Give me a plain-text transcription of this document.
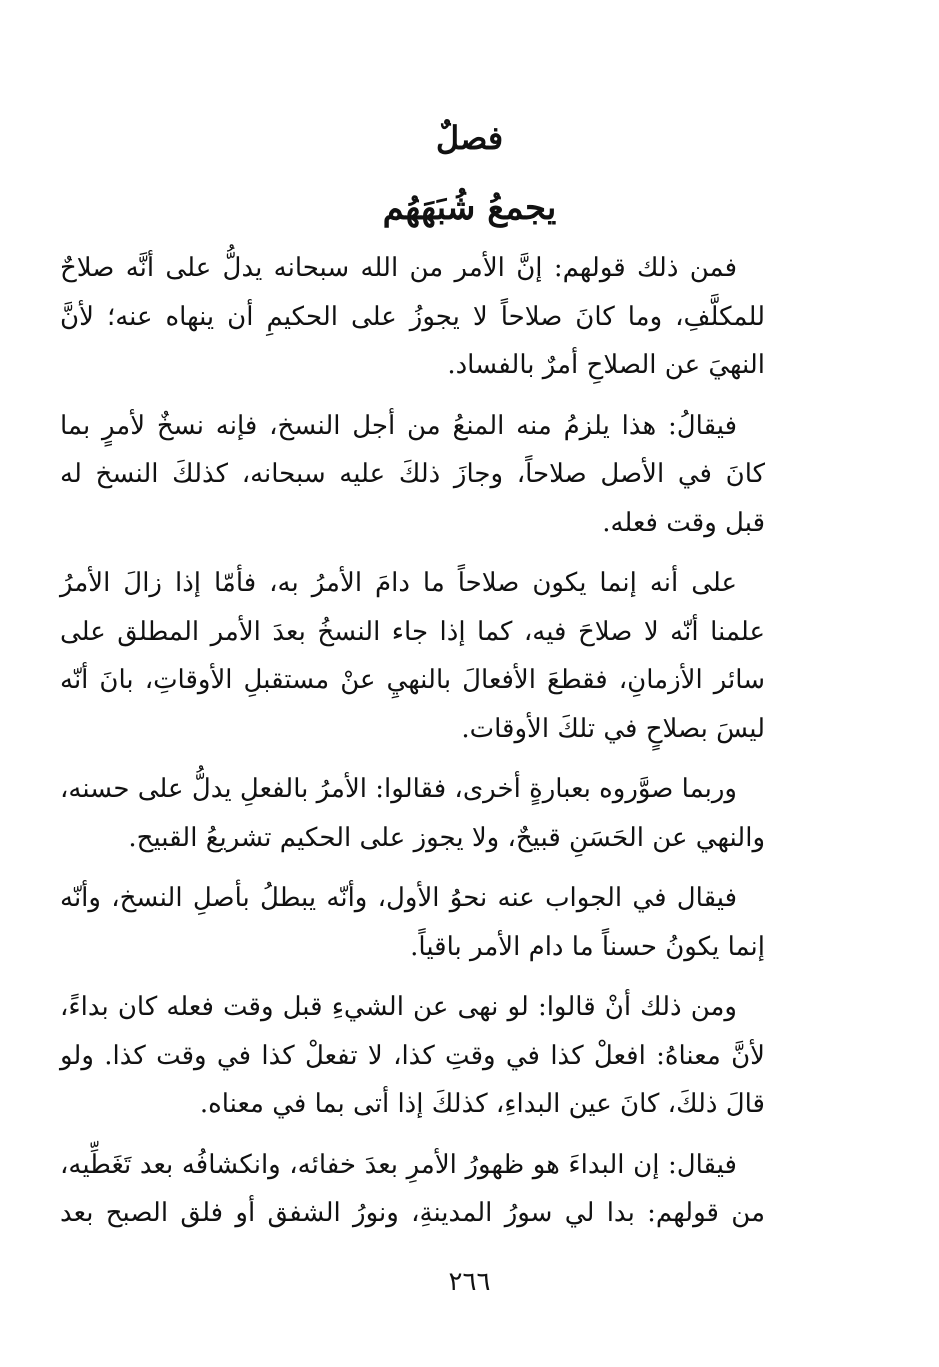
فصلٌ
يجمعُ شُبَهَهُم
فمن ذلك قولهم: إنَّ الأمر من الله سبحانه يدلُّ على أنَّه صلاحٌ
للمكلَّفِ، وما كانَ صلاحاً لا يجوزُ على الحكيمِ أن ينهاه عنه؛ لأنَّ
النهيَ عن الصلاحِ أمرٌ بالفساد.
فيقالُ: هذا يلزمُ منه المنعُ من أجل النسخ، فإنه نسخٌ لأمرٍ بما
كانَ في الأصل صلاحاً، وجازَ ذلكَ عليه سبحانه، كذلكَ النسخ له
قبل وقت فعله.
على أنه إنما يكون صلاحاً ما دامَ الأمرُ به، فأمّا إذا زالَ الأمرُ
علمنا أنّه لا صلاحَ فيه، كما إذا جاء النسخُ بعدَ الأمر المطلق على
سائر الأزمانِ، فقطعَ الأفعالَ بالنهيِ عنْ مستقبلِ الأوقاتِ، بانَ أنّه
ليسَ بصلاحٍ في تلكَ الأوقات.
وربما صوَّروه بعبارةٍ أخرى، فقالوا: الأمرُ بالفعلِ يدلُّ على حسنه،
والنهي عن الحَسَنِ قبيحٌ، ولا يجوز على الحكيم تشريعُ القبيح.
فيقال في الجواب عنه نحوُ الأول، وأنّه يبطلُ بأصلِ النسخ، وأنّه
إنما يكونُ حسناً ما دام الأمر باقياً.
ومن ذلك أنْ قالوا: لو نهى عن الشيءِ قبل وقت فعله كان بداءً،
لأنَّ معناهُ: افعلْ كذا في وقتِ كذا، لا تفعلْ كذا في وقت كذا. ولو
قالَ ذلكَ، كانَ عين البداءِ، كذلكَ إذا أتى بما في معناه.
فيقال: إن البداءَ هو ظهورُ الأمرِ بعدَ خفائه، وانكشافُه بعد تَغَطِّيه،
من قولهم: بدا لي سورُ المدينةِ، ونورُ الشفق أو فلق الصبح بعد
٢٦٦
